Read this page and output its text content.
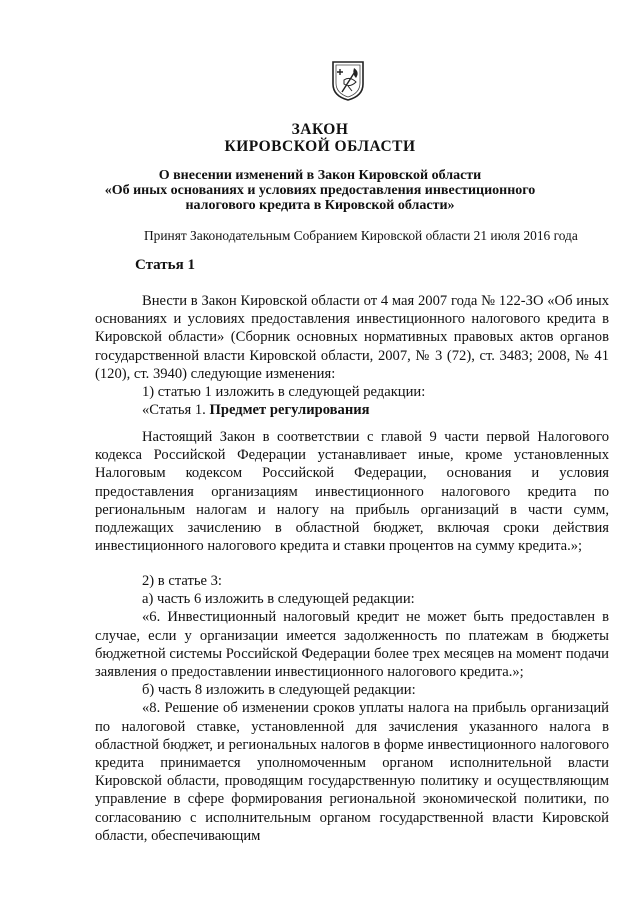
ЗАКОН
КИРОВСКОЙ ОБЛАСТИ
О внесении изменений в Закон Кировской области
«Об иных основаниях и условиях предоставления инвестиционного
налогового кредита в Кировской области»
Принят Законодательным Собранием Кировской области 21 июля 2016 года
Статья 1

Внести в Закон Кировской области от 4 мая 2007 года № 122-ЗО «Об иных основаниях и условиях предоставления инвестиционного налогового кредита в Кировской области» (Сборник основных нормативных правовых актов органов государственной власти Кировской области, 2007, № 3 (72), ст. 3483; 2008, № 41 (120), ст. 3940) следующие изменения:

1) статью 1 изложить в следующей редакции:

«Статья 1. Предмет регулирования

Настоящий Закон в соответствии с главой 9 части первой Налогового кодекса Российской Федерации устанавливает иные, кроме установленных Налоговым кодексом Российской Федерации, основания и условия предоставления организациям инвестиционного налогового кредита по региональным налогам и налогу на прибыль организаций в части сумм, подлежащих зачислению в областной бюджет, включая сроки действия инвестиционного налогового кредита и ставки процентов на сумму кредита.»;

2) в статье 3:

а) часть 6 изложить в следующей редакции:

«6. Инвестиционный налоговый кредит не может быть предоставлен в случае, если у организации имеется задолженность по платежам в бюджеты бюджетной системы Российской Федерации более трех месяцев на момент подачи заявления о предоставлении инвестиционного налогового кредита.»;

б) часть 8 изложить в следующей редакции:

«8. Решение об изменении сроков уплаты налога на прибыль организаций по налоговой ставке, установленной для зачисления указанного налога в областной бюджет, и региональных налогов в форме инвестиционного налогового кредита принимается уполномоченным органом исполнительной власти Кировской области, проводящим государственную политику и осуществляющим управление в сфере формирования региональной экономической политики, по согласованию с исполнительным органом государственной власти Кировской области, обеспечивающим
